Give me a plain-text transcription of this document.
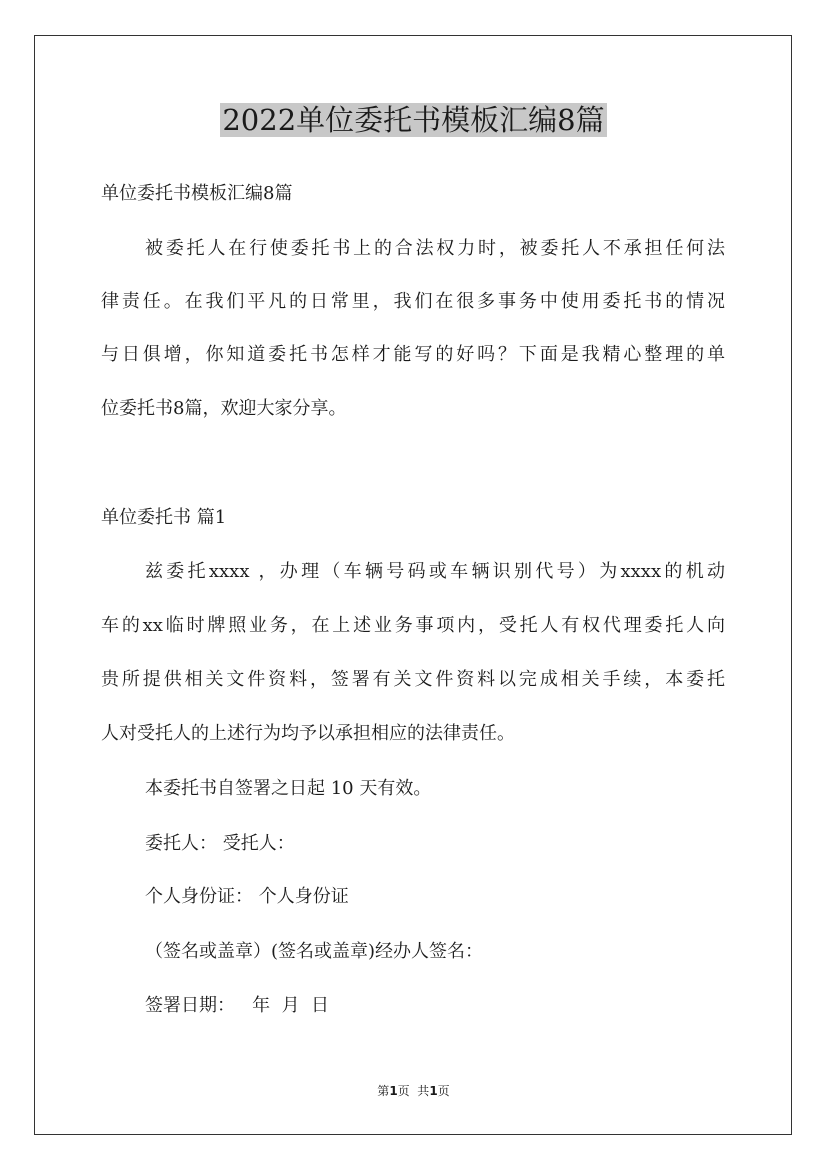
2022单位委托书模板汇编8篇
单位委托书模板汇编8篇
被委托人在行使委托书上的合法权力时，被委托人不承担任何法
律责任。在我们平凡的日常里，我们在很多事务中使用委托书的情况
与日俱增，你知道委托书怎样才能写的好吗？下面是我精心整理的单
位委托书8篇，欢迎大家分享。
单位委托书 篇1
兹委托xxxx ，办理（车辆号码或车辆识别代号）为xxxx的机动
车的xx临时牌照业务，在上述业务事项内，受托人有权代理委托人向
贵所提供相关文件资料，签署有关文件资料以完成相关手续，本委托
人对受托人的上述行为均予以承担相应的法律责任。
本委托书自签署之日起 10 天有效。
委托人： 受托人：
个人身份证： 个人身份证
（签名或盖章）(签名或盖章)经办人签名：
签署日期：   年  月  日
第1页  共1页
